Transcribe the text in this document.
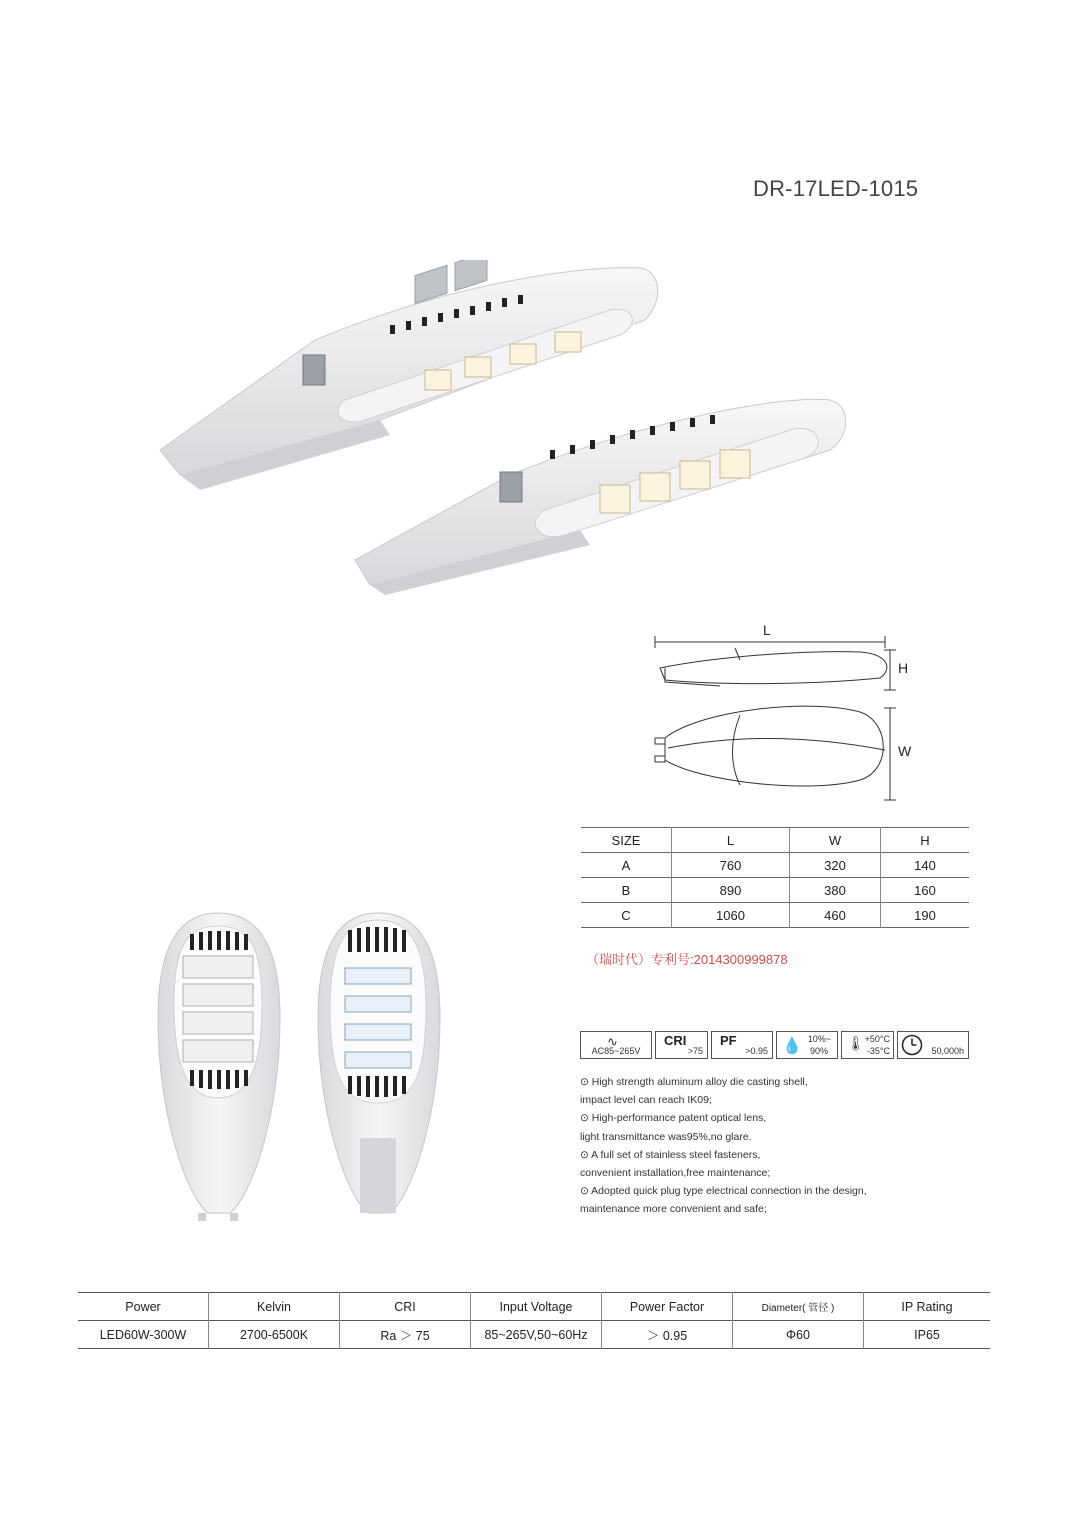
DR-17LED-1015
L
H
W
SIZE	L	W	H
A	760	320	140
B	890	380	160
C	1060	460	190
（瑞时代）专利号:2014300999878
∿
AC85~265V
CRI
>75
PF
>0.95 💧 10%~
90% 🌡 +50°C
-35°C	50,000h

⊙ High strength aluminum alloy die casting shell,

impact level can reach IK09;

⊙ High-performance patent optical lens,

light transmittance was95%,no glare.

⊙ A full set of stainless steel fasteners,

convenient installation,free maintenance;

⊙ Adopted quick plug type electrical connection in the design,

maintenance more convenient and safe;

Power	Kelvin	CRI	Input Voltage	Power Factor	Diameter( 管径 )	IP Rating
LED60W-300W	2700-6500K	Ra ＞ 75	85~265V,50~60Hz	＞ 0.95	Φ60	IP65
